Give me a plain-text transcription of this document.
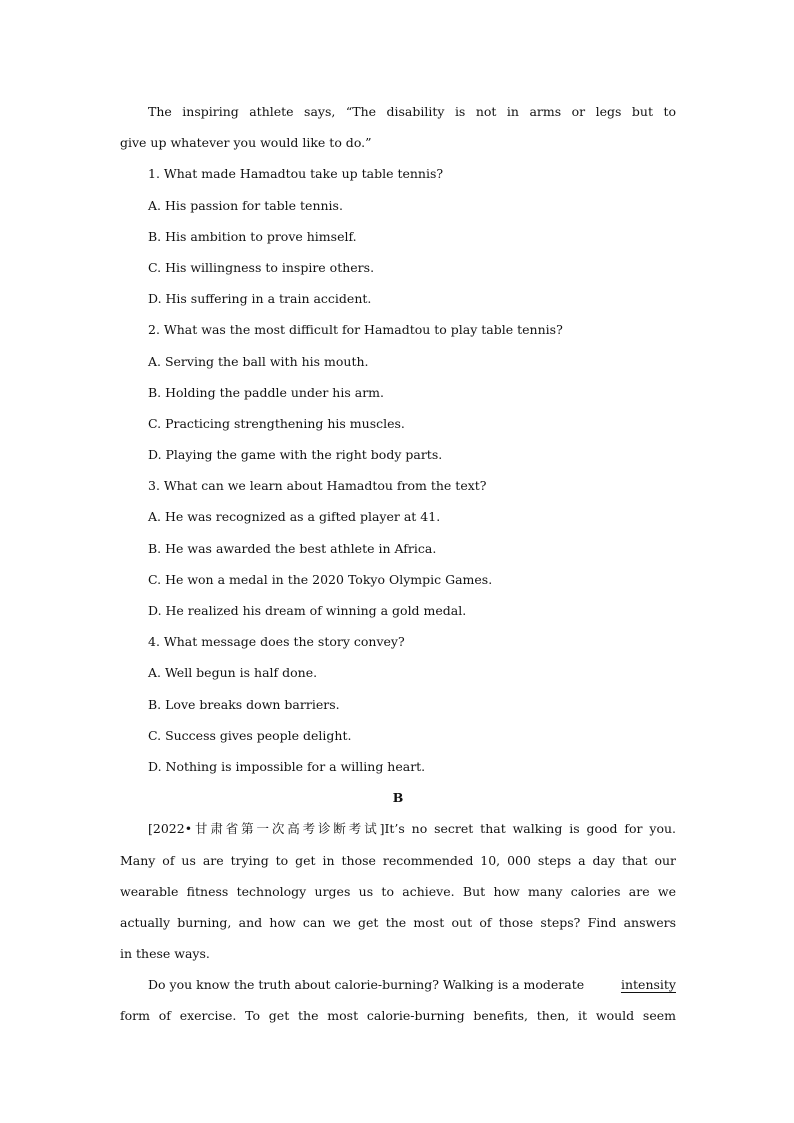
The inspiring athlete says, “The disability is not in arms or legs but to
give up whatever you would like to do.”
1. What made Hamadtou take up table tennis?
A. His passion for table tennis.
B. His ambition to prove himself.
C. His willingness to inspire others.
D. His suffering in a train accident.
2. What was the most difficult for Hamadtou to play table tennis?
A. Serving the ball with his mouth.
B. Holding the paddle under his arm.
C. Practicing strengthening his muscles.
D. Playing the game with the right body parts.
3. What can we learn about Hamadtou from the text?
A. He was recognized as a gifted player at 41.
B. He was awarded the best athlete in Africa.
C. He won a medal in the 2020 Tokyo Olympic Games.
D. He realized his dream of winning a gold medal.
4. What message does the story convey?
A. Well begun is half done.
B. Love breaks down barriers.
C. Success gives people delight.
D. Nothing is impossible for a willing heart.
B
[2022•甘肃省第一次高考诊断考试]It’s no secret that walking is good for you.
Many of us are trying to get in those recommended 10, 000 steps a day that our
wearable fitness technology urges us to achieve. But how many calories are we
actually burning, and how can we get the most out of those steps? Find answers
in these ways.
Do you know the truth about calorie-burning? Walking is a moderate	intensity
form of exercise. To get the most calorie-burning benefits, then, it would seem
